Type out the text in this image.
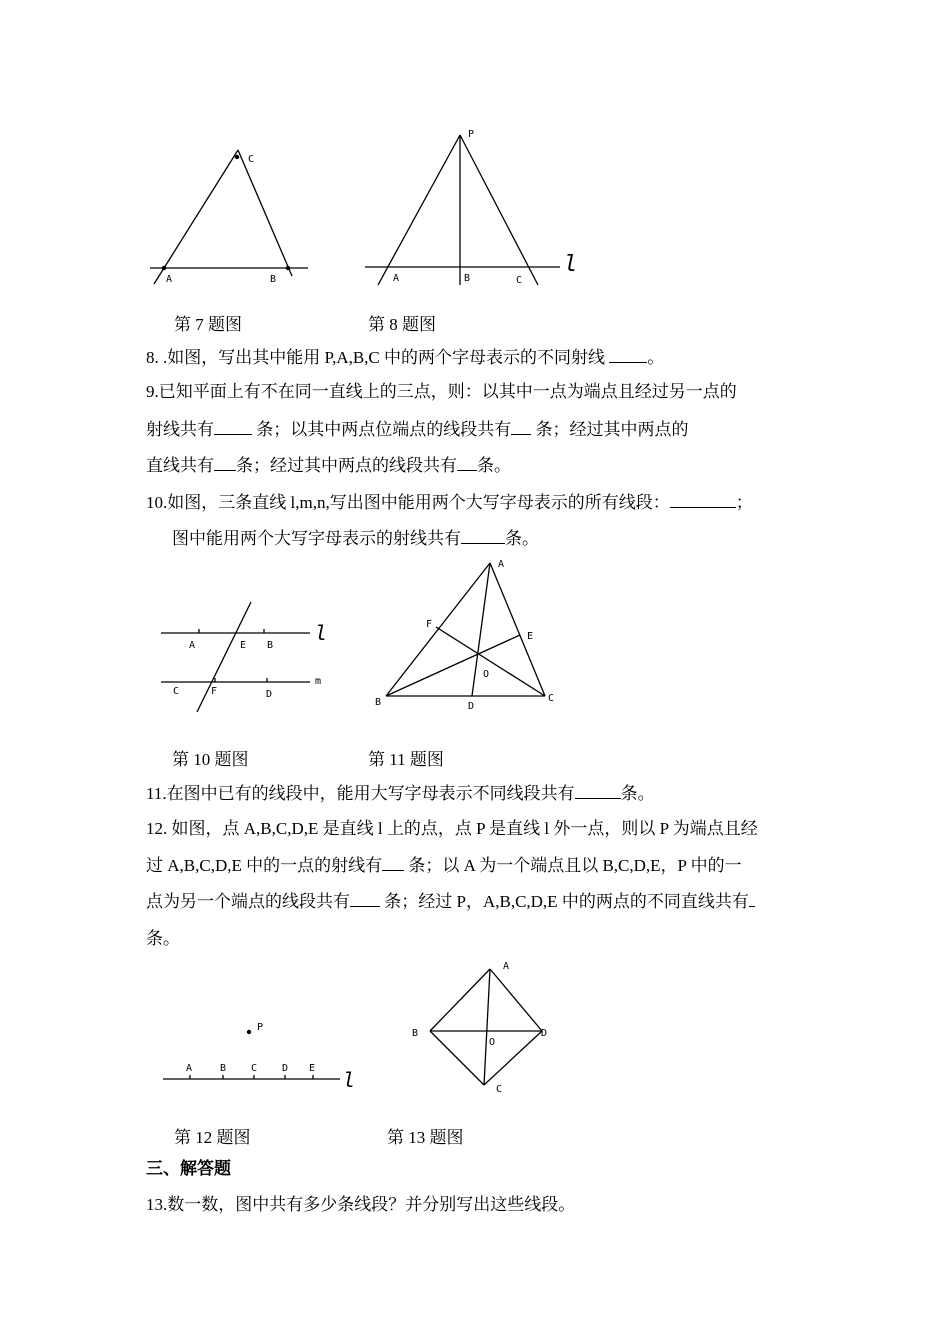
A	B
C
P
A	B	C
l
第 7 题图	第 8 题图
8. .如图，写出其中能用 P,A,B,C 中的两个字母表示的不同射线 。
9.已知平面上有不在同一直线上的三点，则：以其中一点为端点且经过另一点的
射线共有 条；以其中两点位端点的线段共有 条；经过其中两点的
直线共有 条；经过其中两点的线段共有 条。
10.如图，三条直线 l,m,n,写出图中能用两个大写字母表示的所有线段：	；
图中能用两个大写字母表示的射线共有	条。
A	E B
C	F	D
l
m
A
F
E
O
B	D
C
第 10 题图	第 11 题图
11.在图中已有的线段中，能用大写字母表示不同线段共有	条。
12. 如图，点 A,B,C,D,E 是直线 l 上的点，点 P 是直线 l 外一点，则以 P 为端点且经
过 A,B,C,D,E 中的一点的射线有 条；以 A 为一个端点且以 B,C,D,E，P 中的一
点为另一个端点的线段共有 条；经过 P，A,B,C,D,E 中的两点的不同直线共有
条。
P
A	B C D E l
A
B
O
D
C
第 12 题图	第 13 题图
三、解答题
13.数一数，图中共有多少条线段？并分别写出这些线段。
